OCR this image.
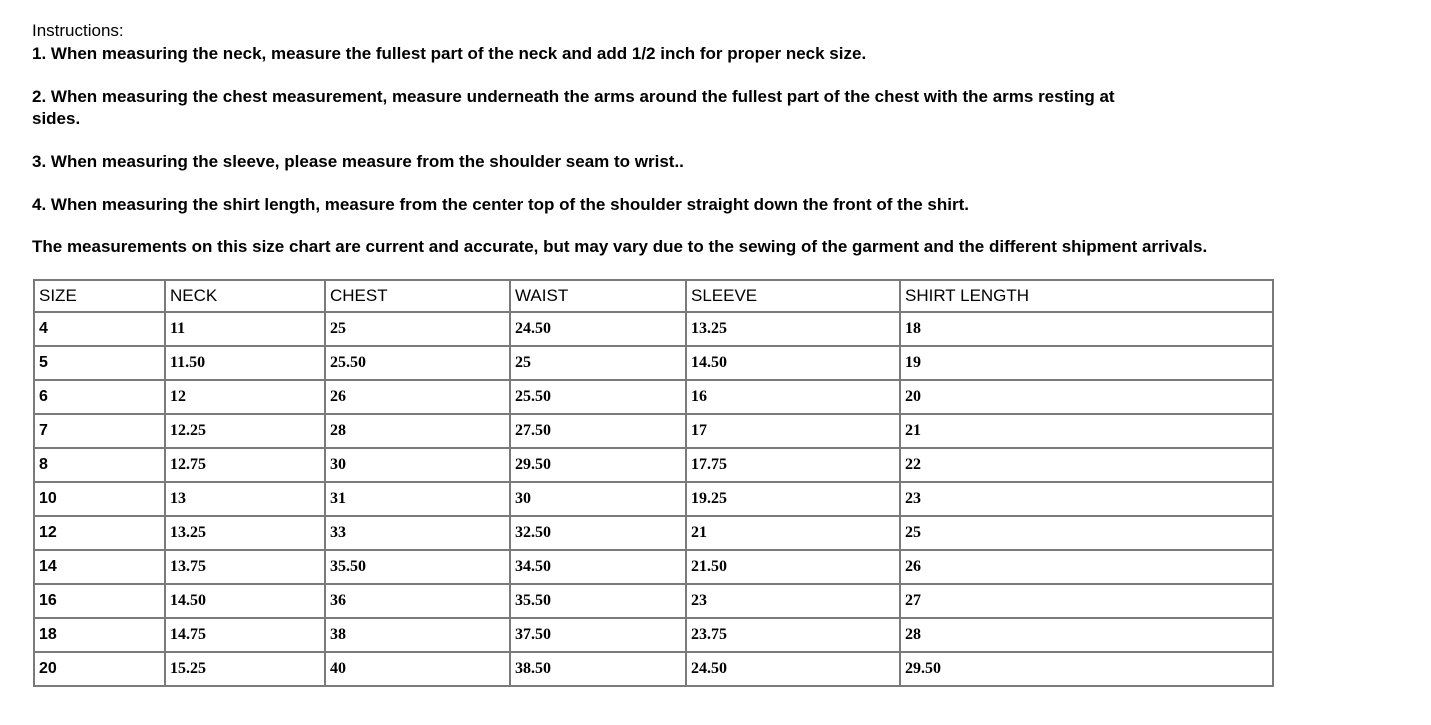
Instructions:
1. When measuring the neck, measure the fullest part of the neck and add 1/2 inch for proper neck size.
2. When measuring the chest measurement, measure underneath the arms around the fullest part of the chest with the arms resting at
sides.
3. When measuring the sleeve, please measure from the shoulder seam to wrist..
4. When measuring the shirt length, measure from the center top of the shoulder straight down the front of the shirt.
The measurements on this size chart are current and accurate, but may vary due to the sewing of the garment and the different shipment arrivals.
SIZE	NECK	CHEST	WAIST	SLEEVE	SHIRT LENGTH
4	11	25	24.50	13.25	18
5	11.50	25.50	25	14.50	19
6	12	26	25.50	16	20
7	12.25	28	27.50	17	21
8	12.75	30	29.50	17.75	22
10	13	31	30	19.25	23
12	13.25	33	32.50	21	25
14	13.75	35.50	34.50	21.50	26
16	14.50	36	35.50	23	27
18	14.75	38	37.50	23.75	28
20	15.25	40	38.50	24.50	29.50
